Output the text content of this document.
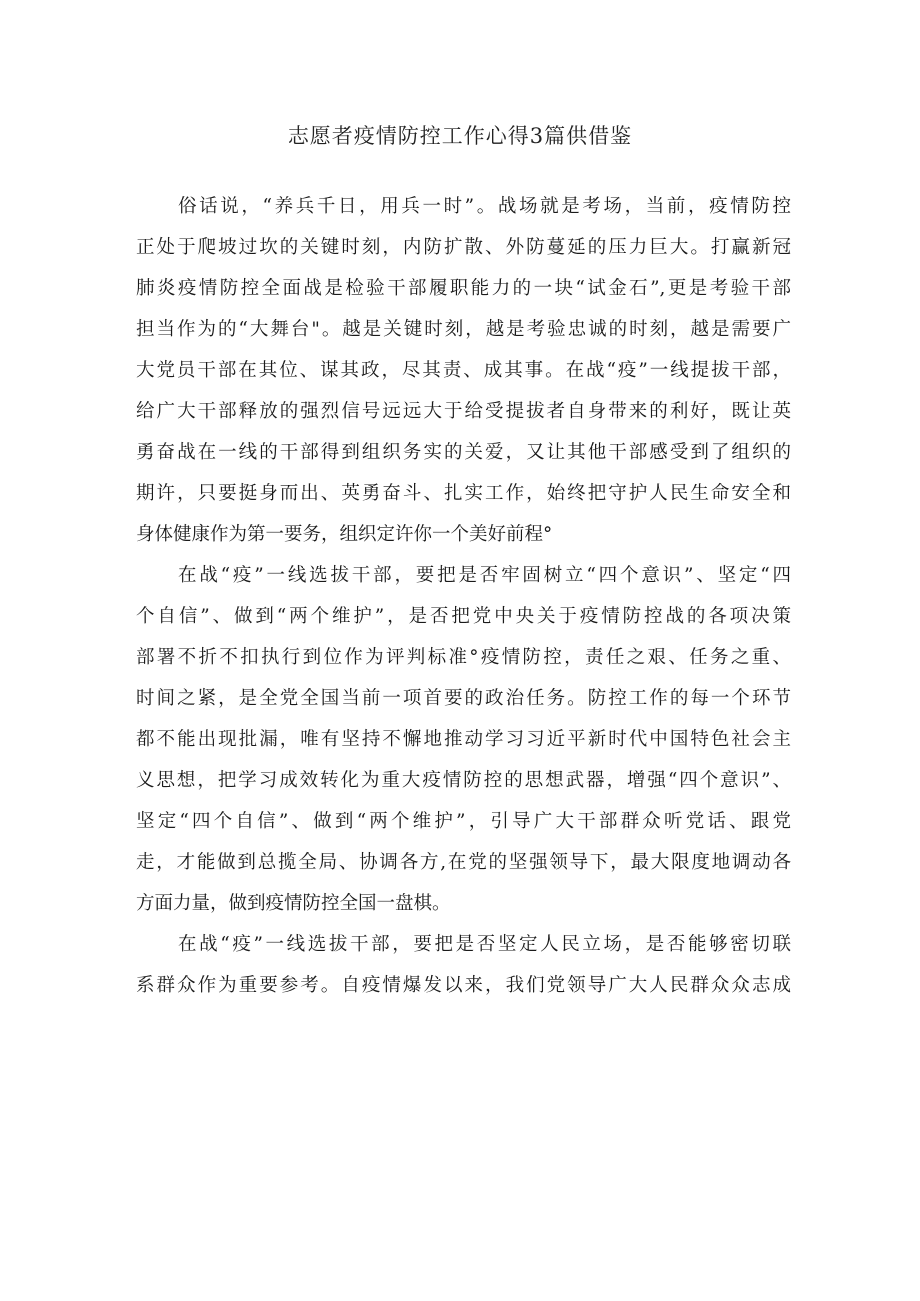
志愿者疫情防控工作心得3篇供借鉴
俗话说，“养兵千日，用兵一时”。战场就是考场，当前，疫情防控
正处于爬坡过坎的关键时刻，内防扩散、外防蔓延的压力巨大。打赢新冠
肺炎疫情防控全面战是检验干部履职能力的一块“试金石”,更是考验干部
担当作为的“大舞台"。越是关键时刻，越是考验忠诚的时刻，越是需要广
大党员干部在其位、谋其政，尽其责、成其事。在战“疫”一线提拔干部，
给广大干部释放的强烈信号远远大于给受提拔者自身带来的利好，既让英
勇奋战在一线的干部得到组织务实的关爱，又让其他干部感受到了组织的
期许，只要挺身而出、英勇奋斗、扎实工作，始终把守护人民生命安全和
身体健康作为第一要务，组织定许你一个美好前程°
在战“疫”一线选拔干部，要把是否牢固树立“四个意识”、坚定“四
个自信”、做到“两个维护”，是否把党中央关于疫情防控战的各项决策
部署不折不扣执行到位作为评判标准°疫情防控，责任之艰、任务之重、
时间之紧，是全党全国当前一项首要的政治任务。防控工作的每一个环节
都不能出现批漏，唯有坚持不懈地推动学习习近平新时代中国特色社会主
义思想，把学习成效转化为重大疫情防控的思想武器，增强“四个意识”、
坚定“四个自信”、做到“两个维护”，引导广大干部群众听党话、跟党
走，才能做到总揽全局、协调各方,在党的坚强领导下，最大限度地调动各
方面力量，做到疫情防控全国一盘棋。
在战“疫”一线选拔干部，要把是否坚定人民立场，是否能够密切联
系群众作为重要参考。自疫情爆发以来，我们党领导广大人民群众众志成
